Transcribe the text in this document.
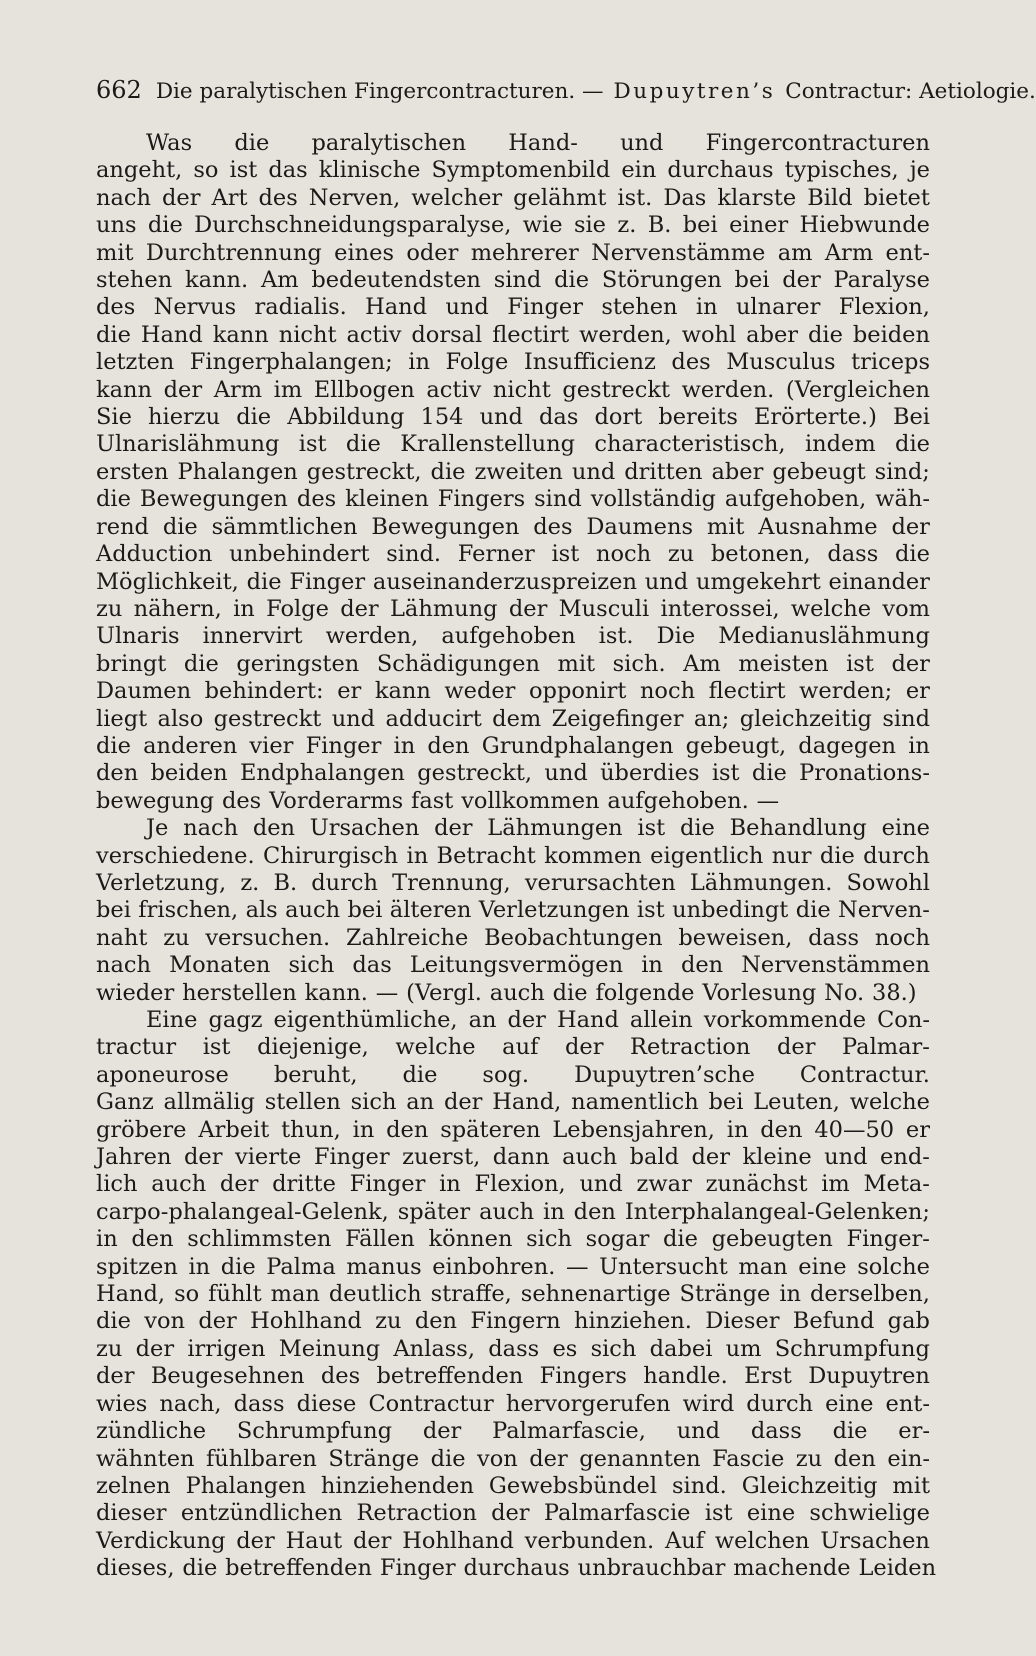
662 Die paralytischen Fingercontracturen. — Dupuytren’s Contractur: Aetiologie.
Was die paralytischen Hand- und Fingercontracturen
angeht, so ist das klinische Symptomenbild ein durchaus typisches, je
nach der Art des Nerven, welcher gelähmt ist. Das klarste Bild bietet
uns die Durchschneidungsparalyse, wie sie z. B. bei einer Hiebwunde
mit Durchtrennung eines oder mehrerer Nervenstämme am Arm ent-
stehen kann. Am bedeutendsten sind die Störungen bei der Paralyse
des Nervus radialis. Hand und Finger stehen in ulnarer Flexion,
die Hand kann nicht activ dorsal flectirt werden, wohl aber die beiden
letzten Fingerphalangen; in Folge Insufficienz des Musculus triceps
kann der Arm im Ellbogen activ nicht gestreckt werden. (Vergleichen
Sie hierzu die Abbildung 154 und das dort bereits Erörterte.) Bei
Ulnarislähmung ist die Krallenstellung characteristisch, indem die
ersten Phalangen gestreckt, die zweiten und dritten aber gebeugt sind;
die Bewegungen des kleinen Fingers sind vollständig aufgehoben, wäh-
rend die sämmtlichen Bewegungen des Daumens mit Ausnahme der
Adduction unbehindert sind. Ferner ist noch zu betonen, dass die
Möglichkeit, die Finger auseinanderzuspreizen und umgekehrt einander
zu nähern, in Folge der Lähmung der Musculi interossei, welche vom
Ulnaris innervirt werden, aufgehoben ist. Die Medianuslähmung
bringt die geringsten Schädigungen mit sich. Am meisten ist der
Daumen behindert: er kann weder opponirt noch flectirt werden; er
liegt also gestreckt und adducirt dem Zeigefinger an; gleichzeitig sind
die anderen vier Finger in den Grundphalangen gebeugt, dagegen in
den beiden Endphalangen gestreckt, und überdies ist die Pronations-
bewegung des Vorderarms fast vollkommen aufgehoben. —
Je nach den Ursachen der Lähmungen ist die Behandlung eine
verschiedene. Chirurgisch in Betracht kommen eigentlich nur die durch
Verletzung, z. B. durch Trennung, verursachten Lähmungen. Sowohl
bei frischen, als auch bei älteren Verletzungen ist unbedingt die Nerven-
naht zu versuchen. Zahlreiche Beobachtungen beweisen, dass noch
nach Monaten sich das Leitungsvermögen in den Nervenstämmen
wieder herstellen kann. — (Vergl. auch die folgende Vorlesung No. 38.)
Eine gagz eigenthümliche, an der Hand allein vorkommende Con-
tractur ist diejenige, welche auf der Retraction der Palmar-
aponeurose beruht, die sog. Dupuytren’sche Contractur.
Ganz allmälig stellen sich an der Hand, namentlich bei Leuten, welche
gröbere Arbeit thun, in den späteren Lebensjahren, in den 40—50 er
Jahren der vierte Finger zuerst, dann auch bald der kleine und end-
lich auch der dritte Finger in Flexion, und zwar zunächst im Meta-
carpo-phalangeal-Gelenk, später auch in den Interphalangeal-Gelenken;
in den schlimmsten Fällen können sich sogar die gebeugten Finger-
spitzen in die Palma manus einbohren. — Untersucht man eine solche
Hand, so fühlt man deutlich straffe, sehnenartige Stränge in derselben,
die von der Hohlhand zu den Fingern hinziehen. Dieser Befund gab
zu der irrigen Meinung Anlass, dass es sich dabei um Schrumpfung
der Beugesehnen des betreffenden Fingers handle. Erst Dupuytren
wies nach, dass diese Contractur hervorgerufen wird durch eine ent-
zündliche Schrumpfung der Palmarfascie, und dass die er-
wähnten fühlbaren Stränge die von der genannten Fascie zu den ein-
zelnen Phalangen hinziehenden Gewebsbündel sind. Gleichzeitig mit
dieser entzündlichen Retraction der Palmarfascie ist eine schwielige
Verdickung der Haut der Hohlhand verbunden. Auf welchen Ursachen
dieses, die betreffenden Finger durchaus unbrauchbar machende Leiden
